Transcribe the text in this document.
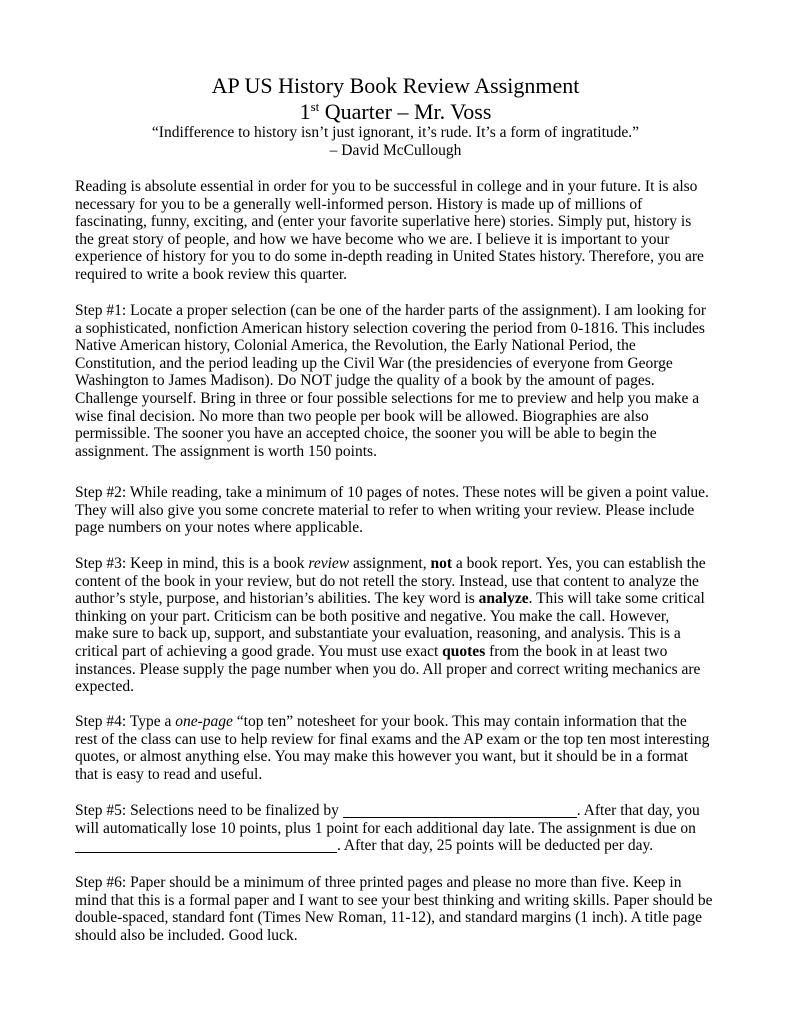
AP US History Book Review Assignment
1st Quarter – Mr. Voss
“Indifference to history isn’t just ignorant, it’s rude. It’s a form of ingratitude.”
– David McCullough

Reading is absolute essential in order for you to be successful in college and in your future. It is also
necessary for you to be a generally well-informed person. History is made up of millions of
fascinating, funny, exciting, and (enter your favorite superlative here) stories. Simply put, history is
the great story of people, and how we have become who we are. I believe it is important to your
experience of history for you to do some in-depth reading in United States history. Therefore, you are
required to write a book review this quarter.

Step #1: Locate a proper selection (can be one of the harder parts of the assignment). I am looking for
a sophisticated, nonfiction American history selection covering the period from 0-1816. This includes
Native American history, Colonial America, the Revolution, the Early National Period, the
Constitution, and the period leading up the Civil War (the presidencies of everyone from George
Washington to James Madison). Do NOT judge the quality of a book by the amount of pages.
Challenge yourself. Bring in three or four possible selections for me to preview and help you make a
wise final decision. No more than two people per book will be allowed. Biographies are also
permissible. The sooner you have an accepted choice, the sooner you will be able to begin the
assignment. The assignment is worth 150 points.

Step #2: While reading, take a minimum of 10 pages of notes. These notes will be given a point value.
They will also give you some concrete material to refer to when writing your review. Please include
page numbers on your notes where applicable.

Step #3: Keep in mind, this is a book review assignment, not a book report. Yes, you can establish the
content of the book in your review, but do not retell the story. Instead, use that content to analyze the
author’s style, purpose, and historian’s abilities. The key word is analyze. This will take some critical
thinking on your part. Criticism can be both positive and negative. You make the call. However,
make sure to back up, support, and substantiate your evaluation, reasoning, and analysis. This is a
critical part of achieving a good grade. You must use exact quotes from the book in at least two
instances. Please supply the page number when you do. All proper and correct writing mechanics are
expected.

Step #4: Type a one-page “top ten” notesheet for your book. This may contain information that the
rest of the class can use to help review for final exams and the AP exam or the top ten most interesting
quotes, or almost anything else. You may make this however you want, but it should be in a format
that is easy to read and useful.

Step #5: Selections need to be finalized by	. After that day, you
will automatically lose 10 points, plus 1 point for each additional day late. The assignment is due on
. After that day, 25 points will be deducted per day.

Step #6: Paper should be a minimum of three printed pages and please no more than five. Keep in
mind that this is a formal paper and I want to see your best thinking and writing skills. Paper should be
double-spaced, standard font (Times New Roman, 11-12), and standard margins (1 inch). A title page
should also be included. Good luck.
